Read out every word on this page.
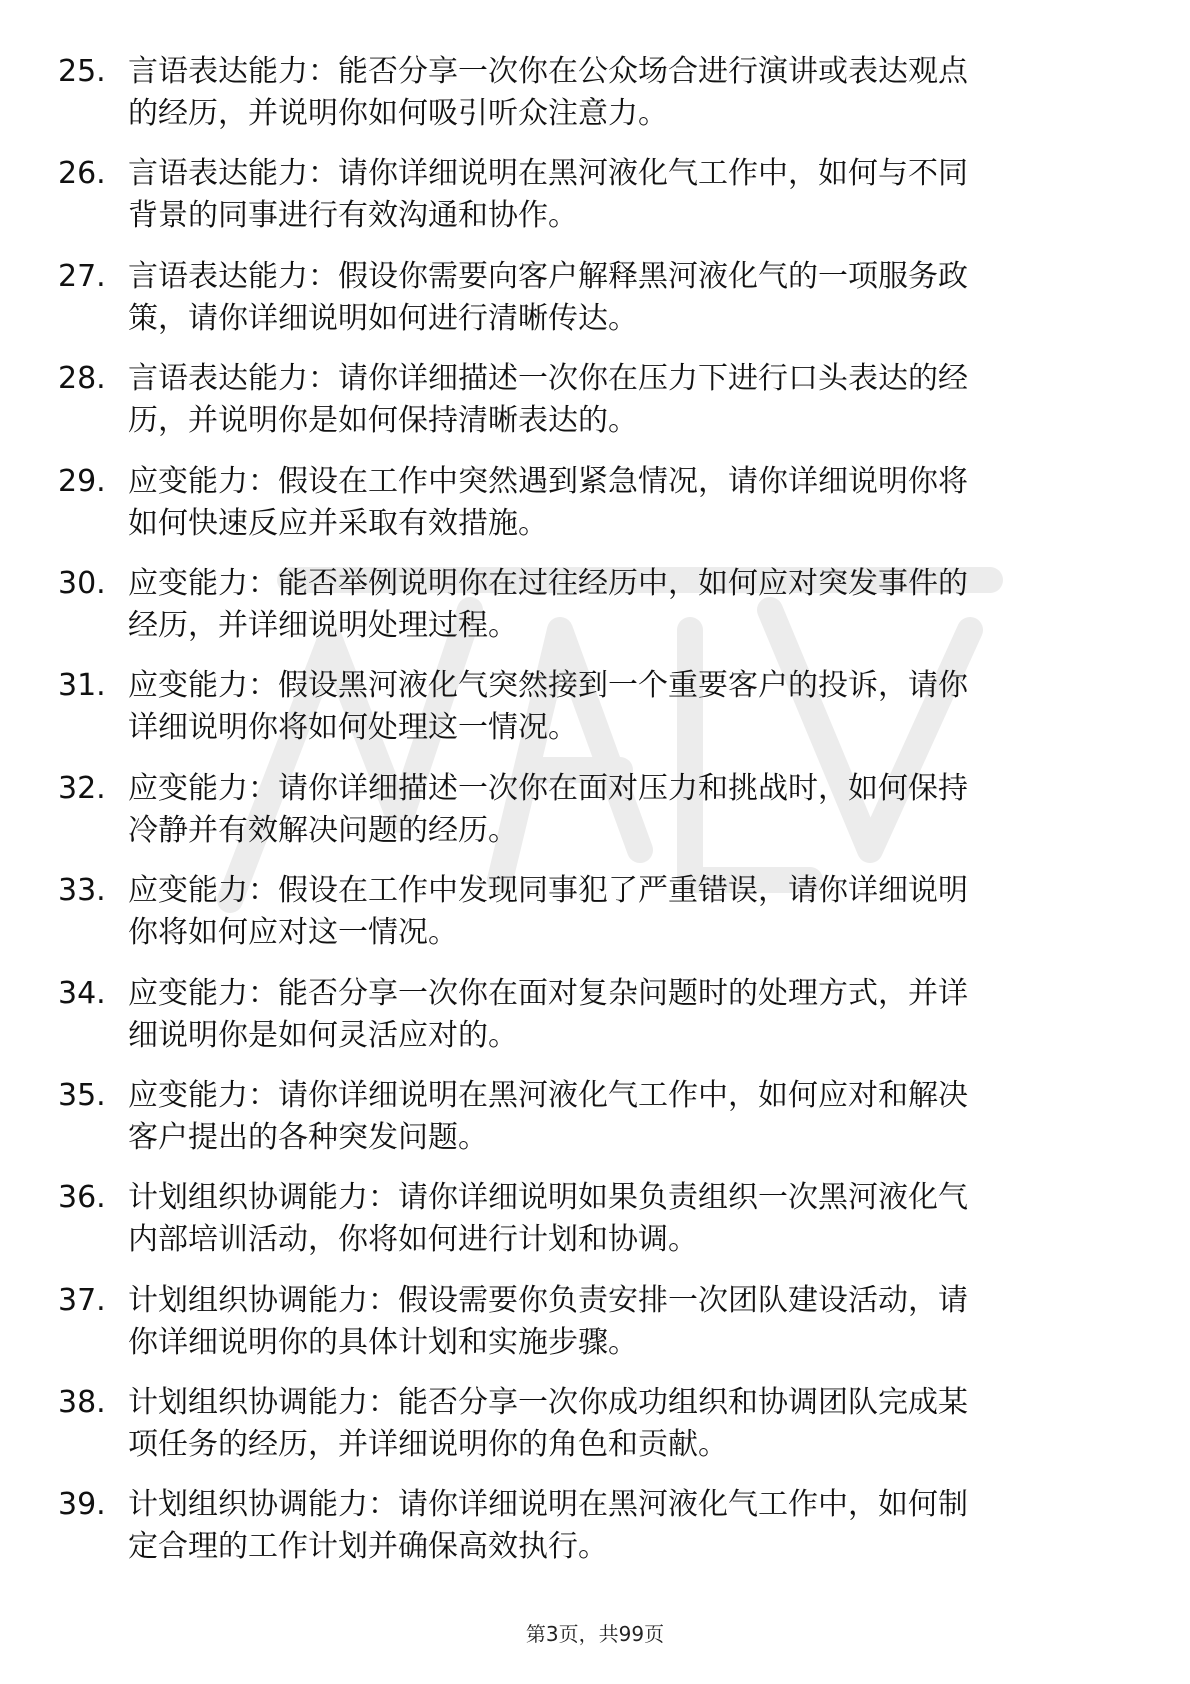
25. 言语表达能力：能否分享一次你在公众场合进行演讲或表达观点
的经历，并说明你如何吸引听众注意力。
26. 言语表达能力：请你详细说明在黑河液化气工作中，如何与不同
背景的同事进行有效沟通和协作。
27. 言语表达能力：假设你需要向客户解释黑河液化气的一项服务政
策，请你详细说明如何进行清晰传达。
28. 言语表达能力：请你详细描述一次你在压力下进行口头表达的经
历，并说明你是如何保持清晰表达的。
29. 应变能力：假设在工作中突然遇到紧急情况，请你详细说明你将
如何快速反应并采取有效措施。
30. 应变能力：能否举例说明你在过往经历中，如何应对突发事件的
经历，并详细说明处理过程。
31. 应变能力：假设黑河液化气突然接到一个重要客户的投诉，请你
详细说明你将如何处理这一情况。
32. 应变能力：请你详细描述一次你在面对压力和挑战时，如何保持
冷静并有效解决问题的经历。
33. 应变能力：假设在工作中发现同事犯了严重错误，请你详细说明
你将如何应对这一情况。
34. 应变能力：能否分享一次你在面对复杂问题时的处理方式，并详
细说明你是如何灵活应对的。
35. 应变能力：请你详细说明在黑河液化气工作中，如何应对和解决
客户提出的各种突发问题。
36. 计划组织协调能力：请你详细说明如果负责组织一次黑河液化气
内部培训活动，你将如何进行计划和协调。
37. 计划组织协调能力：假设需要你负责安排一次团队建设活动，请
你详细说明你的具体计划和实施步骤。
38. 计划组织协调能力：能否分享一次你成功组织和协调团队完成某
项任务的经历，并详细说明你的角色和贡献。
39. 计划组织协调能力：请你详细说明在黑河液化气工作中，如何制
定合理的工作计划并确保高效执行。
第3页，共99页
